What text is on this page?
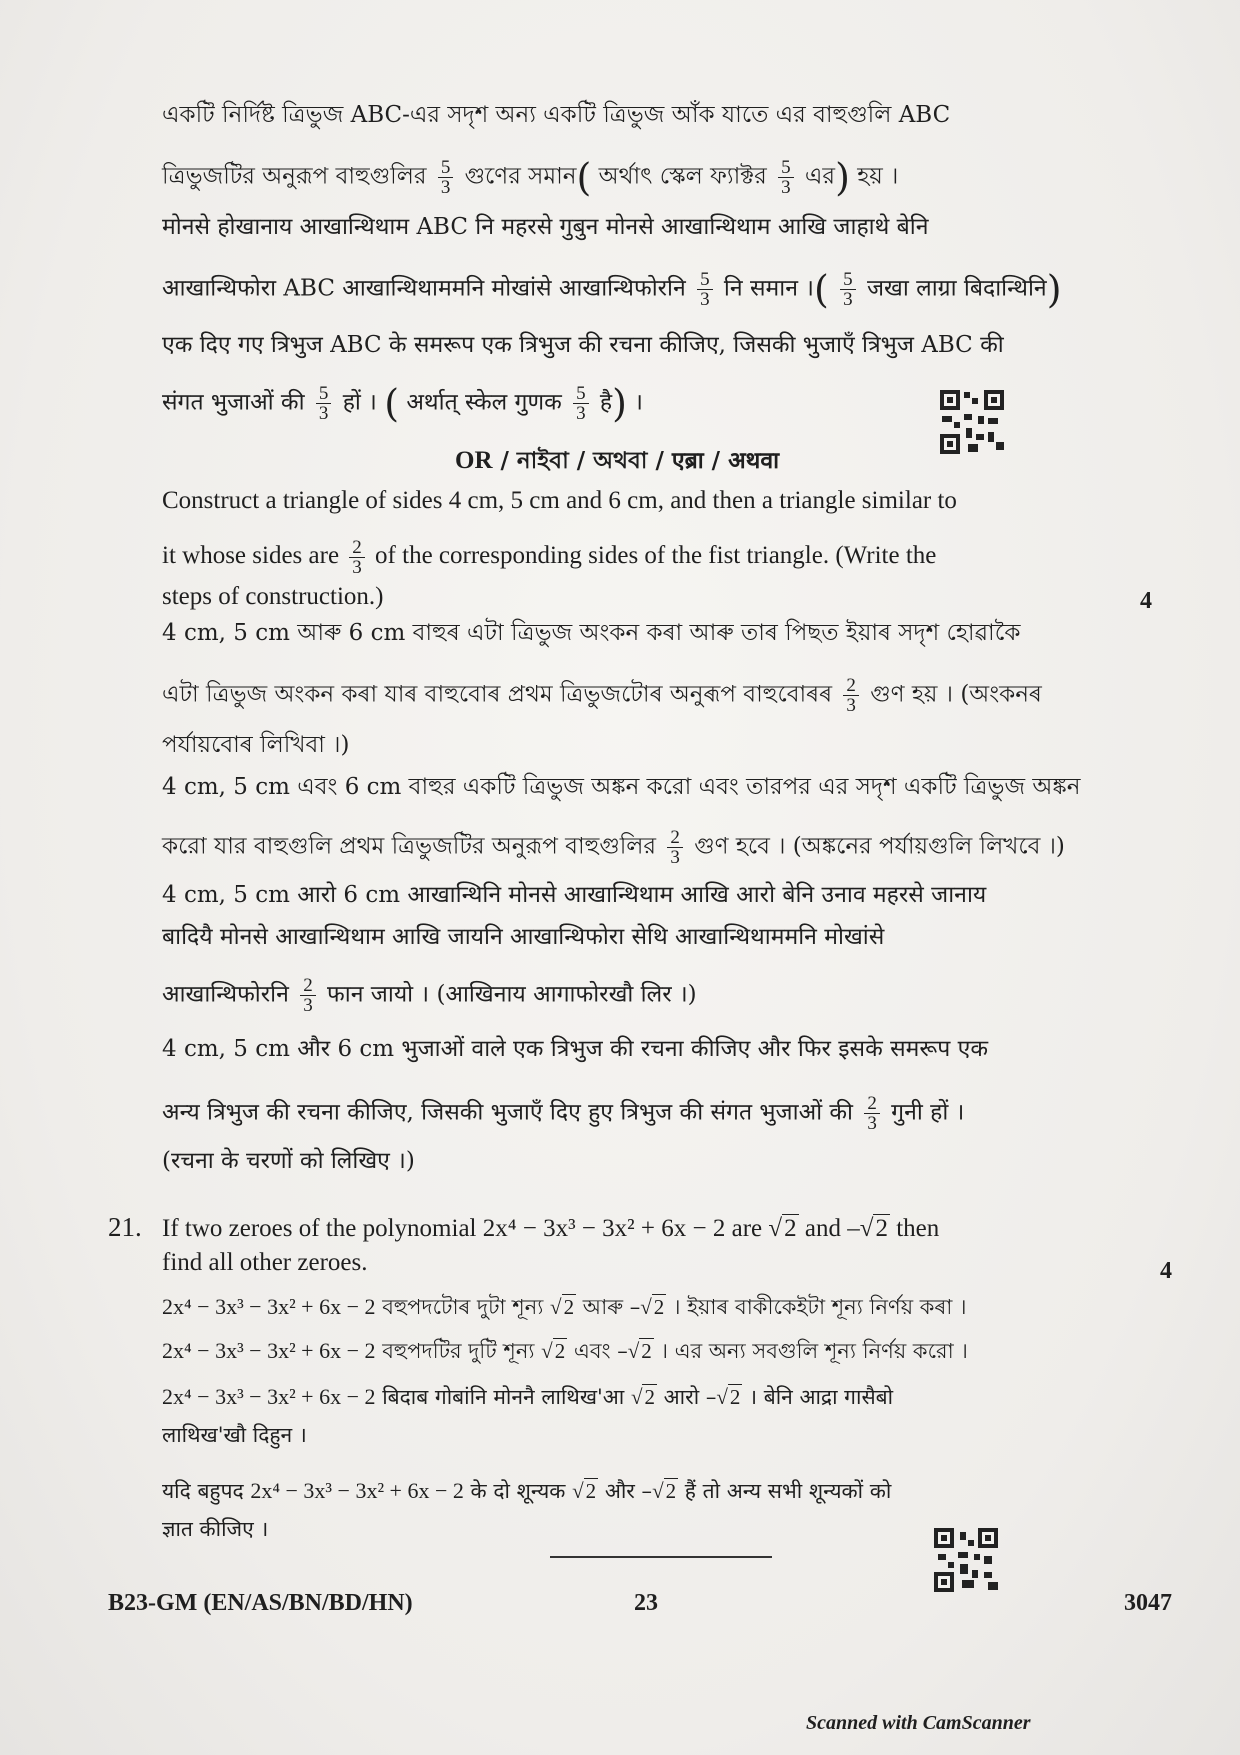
একটি নির্দিষ্ট ত্রিভুজ ABC-এর সদৃশ অন্য একটি ত্রিভুজ আঁক যাতে এর বাহুগুলি ABC
ত্রিভুজটির অনুরূপ বাহুগুলির $\frac{5}{3}$ গুণের সমান( অর্থাৎ স্কেল ফ্যাক্টর $\frac{5}{3}$ এর) হয় ।
मोनसे होखानाय आखान्थिथाम ABC नि महरसे गुबुन मोनसे आखान्थिथाम आखि जाहाथे बेनि
आखान्थिफोरा ABC आखान्थिथाममनि मोखांसे आखान्थिफोरनि $\frac{5}{3}$ नि समान ।( $\frac{5}{3}$ जखा लाग्रा बिदान्थिनि)
एक दिए गए त्रिभुज ABC के समरूप एक त्रिभुज की रचना कीजिए, जिसकी भुजाएँ त्रिभुज ABC की
संगत भुजाओं की $\frac{5}{3}$ हों । ( अर्थात् स्केल गुणक $\frac{5}{3}$ है) ।
OR / নাইবা / অথবা / एब्रा / अथवा
Construct a triangle of sides 4 cm, 5 cm and 6 cm, and then a triangle similar to
it whose sides are $\frac{2}{3}$ of the corresponding sides of the fist triangle. (Write the
steps of construction.)	4
4 cm, 5 cm আৰু 6 cm বাহুৰ এটা ত্ৰিভুজ অংকন কৰা আৰু তাৰ পিছত ইয়াৰ সদৃশ হোৱাকৈ
এটা ত্ৰিভুজ অংকন কৰা যাৰ বাহুবোৰ প্ৰথম ত্ৰিভুজটোৰ অনুৰূপ বাহুবোৰৰ $\frac{2}{3}$ গুণ হয় । (অংকনৰ
পৰ্যায়বোৰ লিখিবা ।)
4 cm, 5 cm এবং 6 cm বাহুর একটি ত্রিভুজ অঙ্কন করো এবং তারপর এর সদৃশ একটি ত্রিভুজ অঙ্কন
করো যার বাহুগুলি প্রথম ত্রিভুজটির অনুরূপ বাহুগুলির $\frac{2}{3}$ গুণ হবে । (অঙ্কনের পর্যায়গুলি লিখবে ।)
4 cm, 5 cm आरो 6 cm आखान्थिनि मोनसे आखान्थिथाम आखि आरो बेनि उनाव महरसे जानाय
बादियै मोनसे आखान्थिथाम आखि जायनि आखान्थिफोरा सेथि आखान्थिथाममनि मोखांसे
आखान्थिफोरनि $\frac{2}{3}$ फान जायो । (आखिनाय आगाफोरखौ लिर ।)
4 cm, 5 cm और 6 cm भुजाओं वाले एक त्रिभुज की रचना कीजिए और फिर इसके समरूप एक
अन्य त्रिभुज की रचना कीजिए, जिसकी भुजाएँ दिए हुए त्रिभुज की संगत भुजाओं की $\frac{2}{3}$ गुनी हों ।
(रचना के चरणों को लिखिए ।)
21. If two zeroes of the polynomial 2x⁴ − 3x³ − 3x² + 6x − 2 are √2 and –√2 then
find all other zeroes.	4
2x⁴ − 3x³ − 3x² + 6x − 2 বহুপদটোৰ দুটা শূন্য √2 আৰু –√2 । ইয়াৰ বাকীকেইটা শূন্য নিৰ্ণয় কৰা ।
2x⁴ − 3x³ − 3x² + 6x − 2 বহুপদটির দুটি শূন্য √2 এবং –√2 । এর অন্য সবগুলি শূন্য নির্ণয় করো ।
2x⁴ − 3x³ − 3x² + 6x − 2 बिदाब गोबांनि मोननै लाथिख'आ √2 आरो –√2 । बेनि आद्रा गासैबो
लाथिख'खौ दिहुन ।
यदि बहुपद 2x⁴ − 3x³ − 3x² + 6x − 2 के दो शून्यक √2 और –√2 हैं तो अन्य सभी शून्यकों को
ज्ञात कीजिए ।
B23-GM (EN/AS/BN/BD/HN)	23	3047
Scanned with CamScanner
